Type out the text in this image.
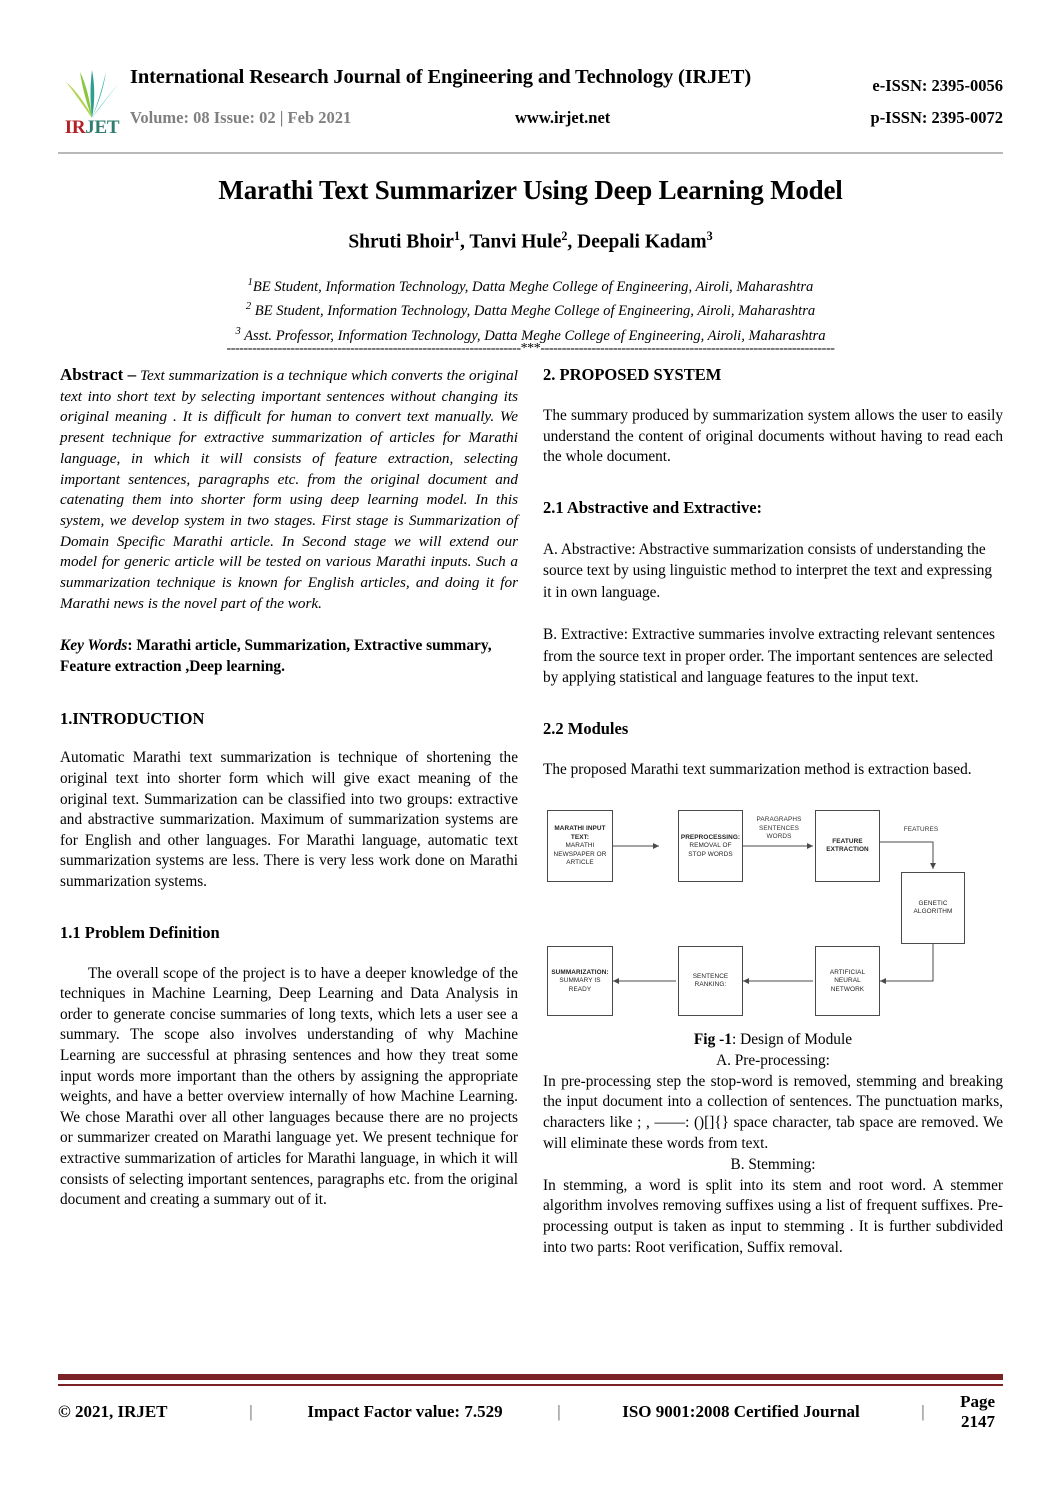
IRJET
International Research Journal of Engineering and Technology (IRJET)	e-ISSN: 2395-0056
Volume: 08 Issue: 02 | Feb 2021	www.irjet.net	p-ISSN: 2395-0072
Marathi Text Summarizer Using Deep Learning Model
Shruti Bhoir$^1$, Tanvi Hule$^2$, Deepali Kadam$^3$
$^1$BE Student, Information Technology, Datta Meghe College of Engineering, Airoli, Maharashtra
$^2$ BE Student, Information Technology, Datta Meghe College of Engineering, Airoli, Maharashtra
$^3$ Asst. Professor, Information Technology, Datta Meghe College of Engineering, Airoli, Maharashtra
---------------------------------------------------------------------***---------------------------------------------------------------------

Abstract – Text summarization is a technique which converts the original text into short text by selecting important sentences without changing its original meaning . It is difficult for human to convert text manually. We present technique for extractive summarization of articles for Marathi language, in which it will consists of feature extraction, selecting important sentences, paragraphs etc. from the original document and catenating them into shorter form using deep learning model. In this system, we develop system in two stages. First stage is Summarization of Domain Specific Marathi article. In Second stage we will extend our model for generic article will be tested on various Marathi inputs. Such a summarization technique is known for English articles, and doing it for Marathi news is the novel part of the work.

Key Words: Marathi article, Summarization, Extractive summary, Feature extraction ,Deep learning.

1.INTRODUCTION

Automatic Marathi text summarization is technique of shortening the original text into shorter form which will give exact meaning of the original text. Summarization can be classified into two groups: extractive and abstractive summarization. Maximum of summarization systems are for English and other languages. For Marathi language, automatic text summarization systems are less. There is very less work done on Marathi summarization systems.

1.1 Problem Definition

The overall scope of the project is to have a deeper knowledge of the techniques in Machine Learning, Deep Learning and Data Analysis in order to generate concise summaries of long texts, which lets a user see a summary. The scope also involves understanding of why Machine Learning are successful at phrasing sentences and how they treat some input words more important than the others by assigning the appropriate weights, and have a better overview internally of how Machine Learning. We chose Marathi over all other languages because there are no projects or summarizer created on Marathi language yet. We present technique for extractive summarization of articles for Marathi language, in which it will consists of selecting important sentences, paragraphs etc. from the original document and creating a summary out of it.

2. PROPOSED SYSTEM

The summary produced by summarization system allows the user to easily understand the content of original documents without having to read each the whole document.

2.1 Abstractive and Extractive:

A. Abstractive: Abstractive summarization consists of understanding the source text by using linguistic method to interpret the text and expressing it in own language.

B. Extractive: Extractive summaries involve extracting relevant sentences from the source text in proper order. The important sentences are selected by applying statistical and language features to the input text.

2.2 Modules

The proposed Marathi text summarization method is extraction based.

MARATHI INPUT
TEXT:
MARATHI
NEWSPAPER OR
ARTICLE
PREPROCESSING:
REMOVAL OF
STOP WORDS
PARAGRAPHS
SENTENCES
WORDS
FEATURE
EXTRACTION
FEATURES
GENETIC
ALGORITHM
ARTIFICIAL
NEURAL
NETWORK
SENTENCE
RANKING:
SUMMARIZATION:
SUMMARY IS
READY
Fig -1: Design of Module

A. Pre-processing:

In pre-processing step the stop-word is removed, stemming and breaking the input document into a collection of sentences. The punctuation marks, characters like ; , ——: ()[]{} space character, tab space are removed. We will eliminate these words from text.

B. Stemming:

In stemming, a word is split into its stem and root word. A stemmer algorithm involves removing suffixes using a list of frequent suffixes. Pre-processing output is taken as input to stemming . It is further subdivided into two parts: Root verification, Suffix removal.

© 2021, IRJET	|	Impact Factor value: 7.529	|	ISO 9001:2008 Certified Journal	|
Page 2147
